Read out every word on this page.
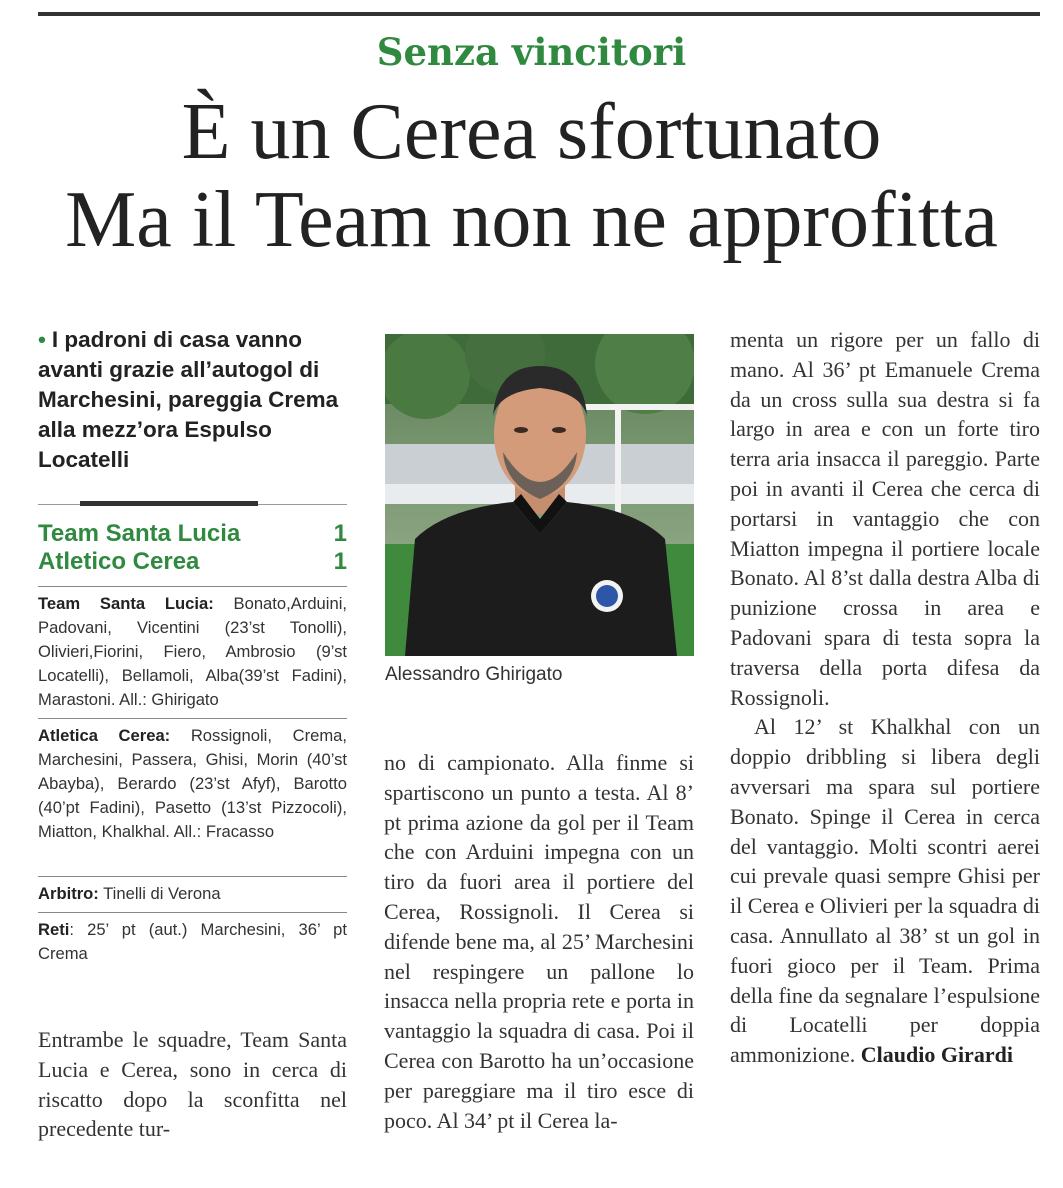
Senza vincitori
È un Cerea sfortunato
Ma il Team non ne approfitta
• I padroni di casa vanno avanti grazie all’autogol di Marchesini, pareggia Crema alla mezz’ora Espulso Locatelli
Team Santa Lucia	1
Atletico Cerea	1
Team Santa Lucia: Bonato,Arduini, Padovani, Vicentini (23’st Tonolli), Olivieri,Fiorini, Fiero, Ambrosio (9’st Locatelli), Bellamoli, Alba(39’st Fadini), Marastoni. All.: Ghirigato
Atletica Cerea: Rossignoli, Crema, Marchesini, Passera, Ghisi, Morin (40’st Abayba), Berardo (23’st Afyf), Barotto (40’pt Fadini), Pasetto (13’st Pizzocoli), Miatton, Khalkhal. All.: Fracasso
Arbitro: Tinelli di Verona
Reti: 25’ pt (aut.) Marchesini, 36’ pt Crema
Entrambe le squadre, Team Santa Lucia e Cerea, sono in cerca di riscatto dopo la sconfitta nel precedente tur-
Alessandro Ghirigato
no di campionato. Alla finme si spartiscono un punto a testa. Al 8’ pt prima azione da gol per il Team che con Arduini impegna con un tiro da fuori area il portiere del Cerea, Rossignoli. Il Cerea si difende bene ma, al 25’ Marchesini nel respingere un pallone lo insacca nella propria rete e porta in vantaggio la squadra di casa. Poi il Cerea con Barotto ha un’occasione per pareggiare ma il tiro esce di poco. Al 34’ pt il Cerea la-
menta un rigore per un fallo di mano. Al 36’ pt Emanuele Crema da un cross sulla sua destra si fa largo in area e con un forte tiro terra aria insacca il pareggio. Parte poi in avanti il Cerea che cerca di portarsi in vantaggio che con Miatton impegna il portiere locale Bonato. Al 8’st dalla destra Alba di punizione crossa in area e Padovani spara di testa sopra la traversa della porta difesa da Rossignoli.
Al 12’ st Khalkhal con un doppio dribbling si libera degli avversari ma spara sul portiere Bonato. Spinge il Cerea in cerca del vantaggio. Molti scontri aerei cui prevale quasi sempre Ghisi per il Cerea e Olivieri per la squadra di casa. Annullato al 38’ st un gol in fuori gioco per il Team. Prima della fine da segnalare l’espulsione di Locatelli per doppia ammonizione. Claudio Girardi
